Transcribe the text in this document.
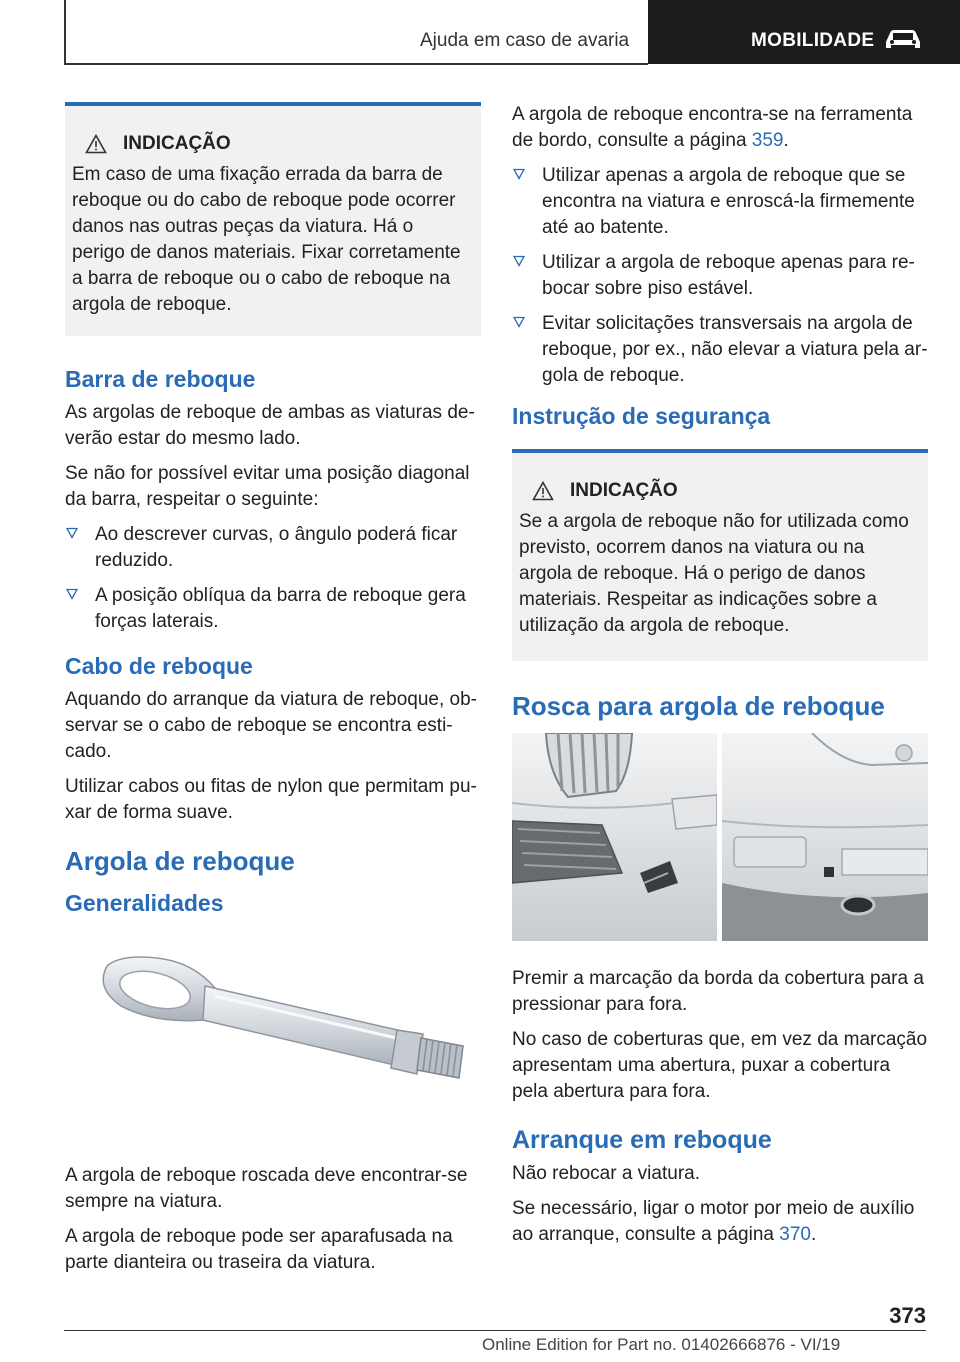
Ajuda em caso de avaria	MOBILIDADE
INDICAÇÃO

Em caso de uma fixação errada da barra de reboque ou do cabo de reboque pode ocorrer danos nas outras peças da viatura. Há o perigo de danos materiais. Fixar corretamente a barra de reboque ou o cabo de reboque na argola de reboque.

Barra de reboque

As argolas de reboque de ambas as viaturas deverão estar do mesmo lado.

Se não for possível evitar uma posição diagonal da barra, respeitar o seguinte:

Ao descrever curvas, o ângulo poderá ficar reduzido.
A posição oblíqua da barra de reboque gera forças laterais.
Cabo de reboque

Aquando do arranque da viatura de reboque, observar se o cabo de reboque se encontra esticado.

Utilizar cabos ou fitas de nylon que permitam puxar de forma suave.

Argola de reboque
Generalidades

A argola de reboque roscada deve encontrar-se sempre na viatura.

A argola de reboque pode ser aparafusada na parte dianteira ou traseira da viatura.

A argola de reboque encontra-se na ferramenta de bordo, consulte a página 359.

Utilizar apenas a argola de reboque que se encontra na viatura e enroscá-la firmemente até ao batente.
Utilizar a argola de reboque apenas para rebocar sobre piso estável.
Evitar solicitações transversais na argola de reboque, por ex., não elevar a viatura pela argola de reboque.
Instrução de segurança
INDICAÇÃO

Se a argola de reboque não for utilizada como previsto, ocorrem danos na viatura ou na argola de reboque. Há o perigo de danos materiais. Respeitar as indicações sobre a utilização da argola de reboque.

Rosca para argola de reboque

Premir a marcação da borda da cobertura para a pressionar para fora.

No caso de coberturas que, em vez da marcação apresentam uma abertura, puxar a cobertura pela abertura para fora.

Arranque em reboque

Não rebocar a viatura.

Se necessário, ligar o motor por meio de auxílio ao arranque, consulte a página 370.

373
Online Edition for Part no. 01402666876 - VI/19
